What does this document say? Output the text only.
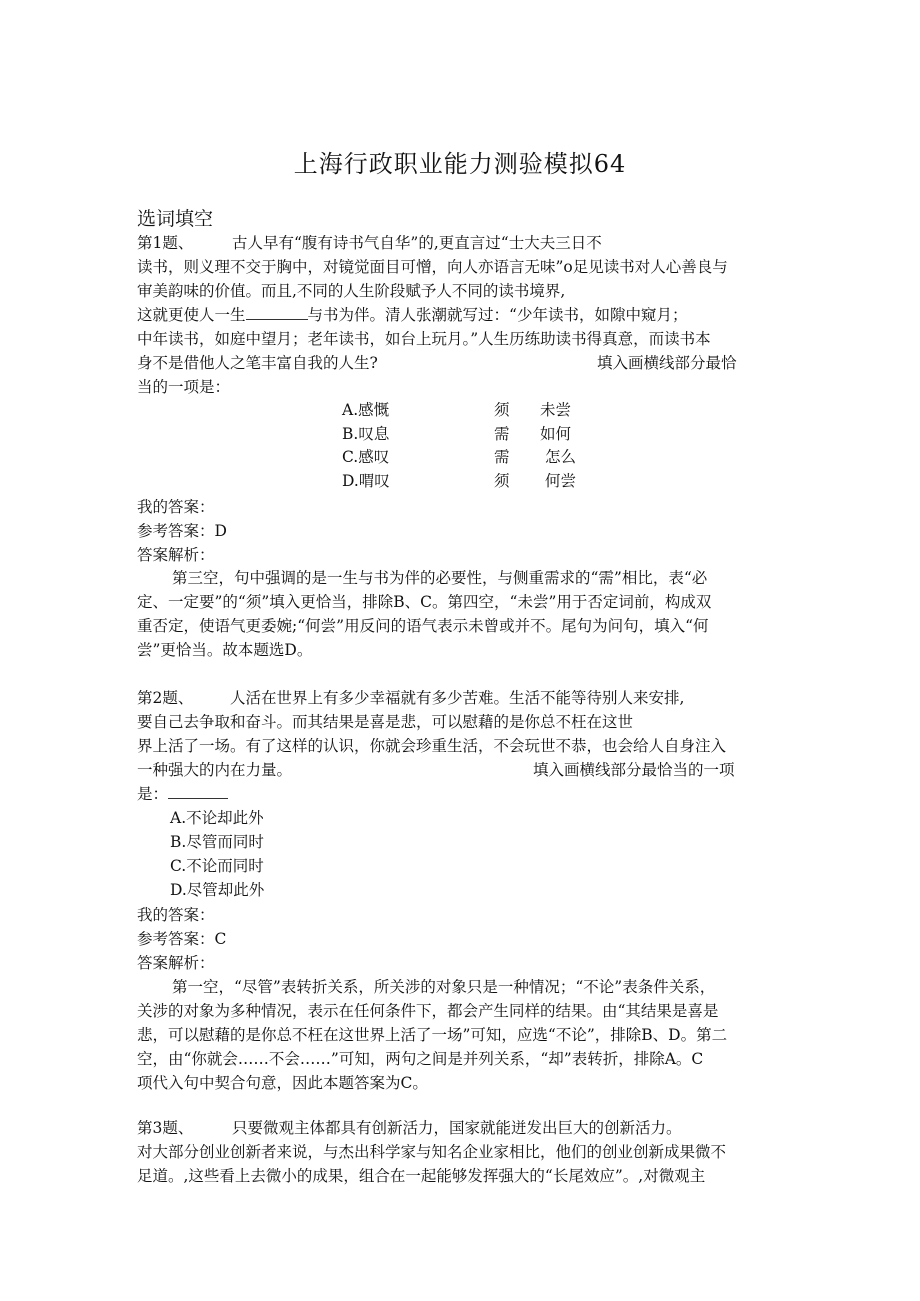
上海行政职业能力测验模拟64
选词填空
第1题、 古人早有“腹有诗书气自华”的,更直言过“士大夫三日不
读书，则义理不交于胸中，对镜觉面目可憎，向人亦语言无味”o足见读书对人心善良与
审美韵味的价值。而且,不同的人生阶段赋予人不同的读书境界,
这就更使人一生	与书为伴。清人张潮就写过：“少年读书，如隙中窥月；
中年读书，如庭中望月；老年读书，如台上玩月。”人生历练助读书得真意，而读书本
身不是借他人之笔丰富自我的人生?	填入画横线部分最恰
当的一项是：
A.感慨	须 未尝
B.叹息	需 如何
C.感叹	需 怎么
D.喟叹	须 何尝
我的答案：
参考答案：D
答案解析：
第三空，句中强调的是一生与书为伴的必要性，与侧重需求的“需”相比，表“必
定、一定要”的“须”填入更恰当，排除B、C。第四空，“未尝”用于否定词前，构成双
重否定，使语气更委婉;“何尝”用反问的语气表示未曾或并不。尾句为问句，填入“何
尝”更恰当。故本题选D。
第2题、 人活在世界上有多少幸福就有多少苦难。生活不能等待别人来安排,
要自己去争取和奋斗。而其结果是喜是悲，可以慰藉的是你总不枉在这世
界上活了一场。有了这样的认识，你就会珍重生活，不会玩世不恭，也会给人自身注入
一种强大的内在力量。	填入画横线部分最恰当的一项
是：
A.不论却此外
B.尽管而同时
C.不论而同时
D.尽管却此外
我的答案：
参考答案：C
答案解析：
第一空，“尽管”表转折关系，所关涉的对象只是一种情况；“不论”表条件关系，
关涉的对象为多种情况，表示在任何条件下，都会产生同样的结果。由“其结果是喜是
悲，可以慰藉的是你总不枉在这世界上活了一场”可知，应选“不论”，排除B、D。第二
空，由“你就会……不会……”可知，两句之间是并列关系，“却”表转折，排除A。C
项代入句中契合句意，因此本题答案为C。
第3题、 只要微观主体都具有创新活力，国家就能迸发出巨大的创新活力。
对大部分创业创新者来说，与杰出科学家与知名企业家相比，他们的创业创新成果微不
足道。,这些看上去微小的成果，组合在一起能够发挥强大的“长尾效应”。,对微观主
